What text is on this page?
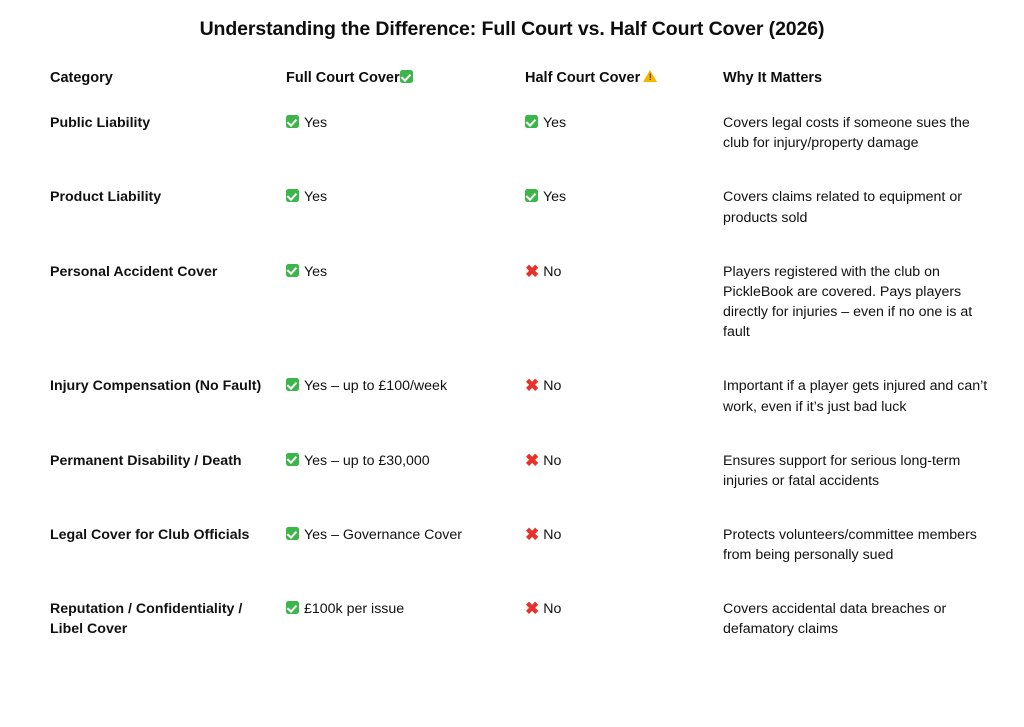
Understanding the Difference: Full Court vs. Half Court Cover (2026)
Category	Full Court Cover	Half Court Cover!	Why It Matters
Public Liability	Yes	Yes	Covers legal costs if someone sues the club for injury/property damage
Product Liability	Yes	Yes	Covers claims related to equipment or products sold
Personal Accident Cover	Yes	✖ No	Players registered with the club on PickleBook are covered. Pays players directly for injuries – even if no one is at fault
Injury Compensation (No Fault)	Yes – up to £100/week	✖ No	Important if a player gets injured and can’t work, even if it’s just bad luck
Permanent Disability / Death	Yes – up to £30,000	✖ No	Ensures support for serious long-term injuries or fatal accidents
Legal Cover for Club Officials	Yes – Governance Cover	✖ No	Protects volunteers/committee members from being personally sued
Reputation / Confidentiality / Libel Cover	£100k per issue	✖ No	Covers accidental data breaches or defamatory claims
